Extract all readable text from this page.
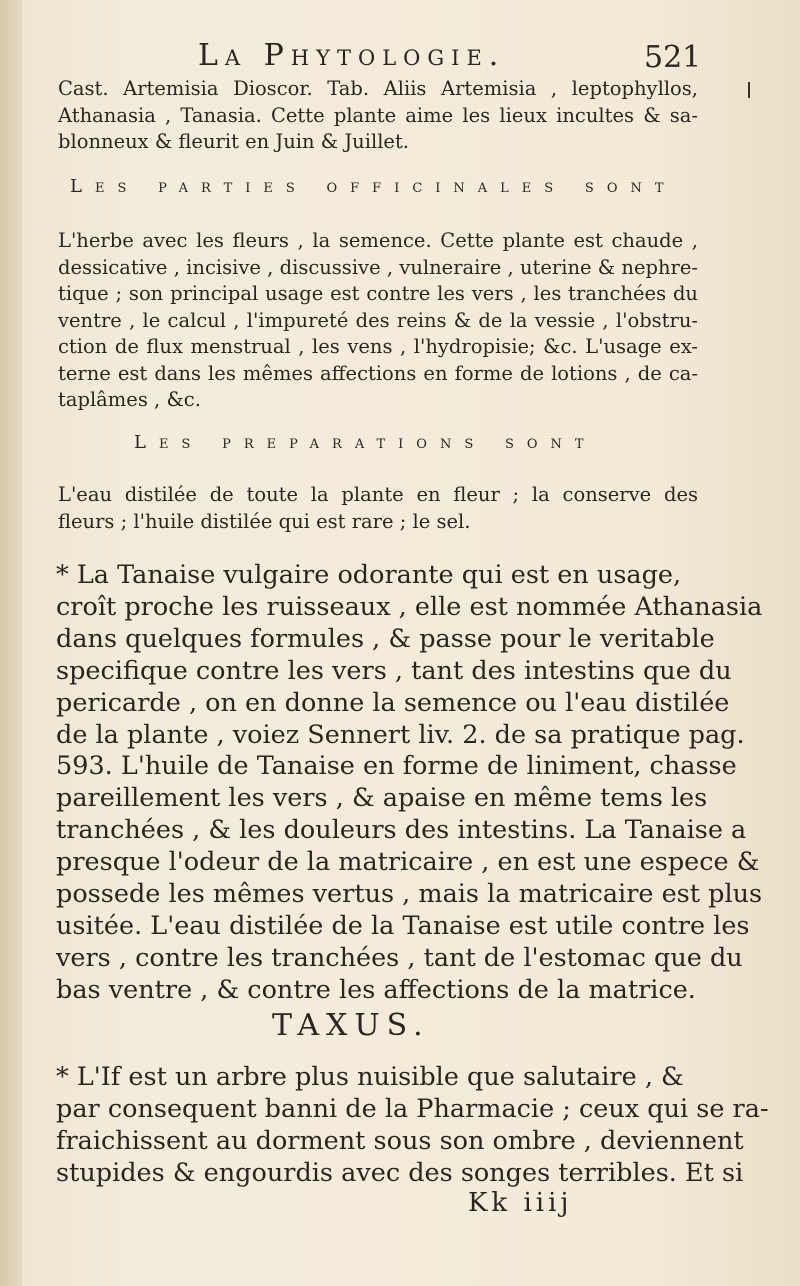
La Phytologie.	521
Cast. Artemisia Dioscor. Tab. Aliis Artemisia , leptophyllos,
Athanasia , Tanasia. Cette plante aime les lieux incultes & sa-
blonneux & fleurit en Juin & Juillet.
Les parties officinales sont
L'herbe avec les fleurs , la semence. Cette plante est chaude ,
dessicative , incisive , discussive , vulneraire , uterine & nephre-
tique ; son principal usage est contre les vers , les tranchées du
ventre , le calcul , l'impureté des reins & de la vessie , l'obstru-
ction de flux menstrual , les vens , l'hydropisie; &c. L'usage ex-
terne est dans les mêmes affections en forme de lotions , de ca-
taplâmes , &c.
Les preparations sont
L'eau distilée de toute la plante en fleur ; la conserve des
fleurs ; l'huile distilée qui est rare ; le sel.
* La Tanaise vulgaire odorante qui est en usage,
croît proche les ruisseaux , elle est nommée Athanasia
dans quelques formules , & passe pour le veritable
specifique contre les vers , tant des intestins que du
pericarde , on en donne la semence ou l'eau distilée
de la plante , voiez Sennert liv. 2. de sa pratique pag.
593. L'huile de Tanaise en forme de liniment, chasse
pareillement les vers , & apaise en même tems les
tranchées , & les douleurs des intestins. La Tanaise a
presque l'odeur de la matricaire , en est une espece &
possede les mêmes vertus , mais la matricaire est plus
usitée. L'eau distilée de la Tanaise est utile contre les
vers , contre les tranchées , tant de l'estomac que du
bas ventre , & contre les affections de la matrice.
TAXUS.
* L'If est un arbre plus nuisible que salutaire , &
par consequent banni de la Pharmacie ; ceux qui se ra-
fraichissent au dorment sous son ombre , deviennent
stupides & engourdis avec des songes terribles. Et si
Kk iiij
